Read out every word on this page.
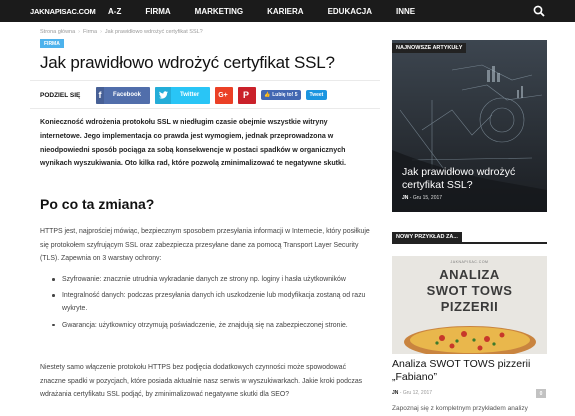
JAKNAPISAC.COM	A-Z	FIRMA	MARKETING	KARIERA	EDUKACJA	INNE
Strona główna › Firma › Jak prawidłowo wdrożyć certyfikat SSL?
FIRMA
Jak prawidłowo wdrożyć certyfikat SSL?
PODZIEL SIĘ	f	Facebook	Twitter	G+	P	👍 Lubię to! 5 Tweet

Konieczność wdrożenia protokołu SSL w niedługim czasie obejmie wszystkie witryny internetowe. Jego implementacja co prawda jest wymogiem, jednak przeprowadzona w nieodpowiedni sposób pociąga za sobą konsekwencje w postaci spadków w organicznych wynikach wyszukiwania. Oto kilka rad, które pozwolą zminimalizować te negatywne skutki.

Po co ta zmiana?

HTTPS jest, najprościej mówiąc, bezpiecznym sposobem przesyłania informacji w Internecie, który posiłkuje się protokołem szyfrującym SSL oraz zabezpiecza przesyłane dane za pomocą Transport Layer Security (TLS). Zapewnia on 3 warstwy ochrony:

Szyfrowanie: znacznie utrudnia wykradanie danych ze strony np. loginy i hasła użytkowników
Integralność danych: podczas przesyłania danych ich uszkodzenie lub modyfikacja zostaną od razu wykryte.
Gwarancja: użytkownicy otrzymują poświadczenie, że znajdują się na zabezpieczonej stronie.

Niestety samo włączenie protokołu HTTPS bez podjęcia dodatkowych czynności może spowodować znaczne spadki w pozycjach, które posiada aktualnie nasz serwis w wyszukiwarkach. Jakie kroki podczas wdrażania certyfikatu SSL podjąć, by zminimalizować negatywne skutki dla SEO?

NAJNOWSZE ARTYKUŁY
Jak prawidłowo wdrożyć certyfikat SSL?
JN - Gru 15, 2017
NOWY PRZYKŁAD ZA...
JAKNAPISAC.COM
ANALIZA
SWOT TOWS
PIZZERII
Analiza SWOT TOWS pizzerii „Fabiano”
JN - Gru 12, 2017	0
Zapoznaj się z kompletnym przykładem analizy
